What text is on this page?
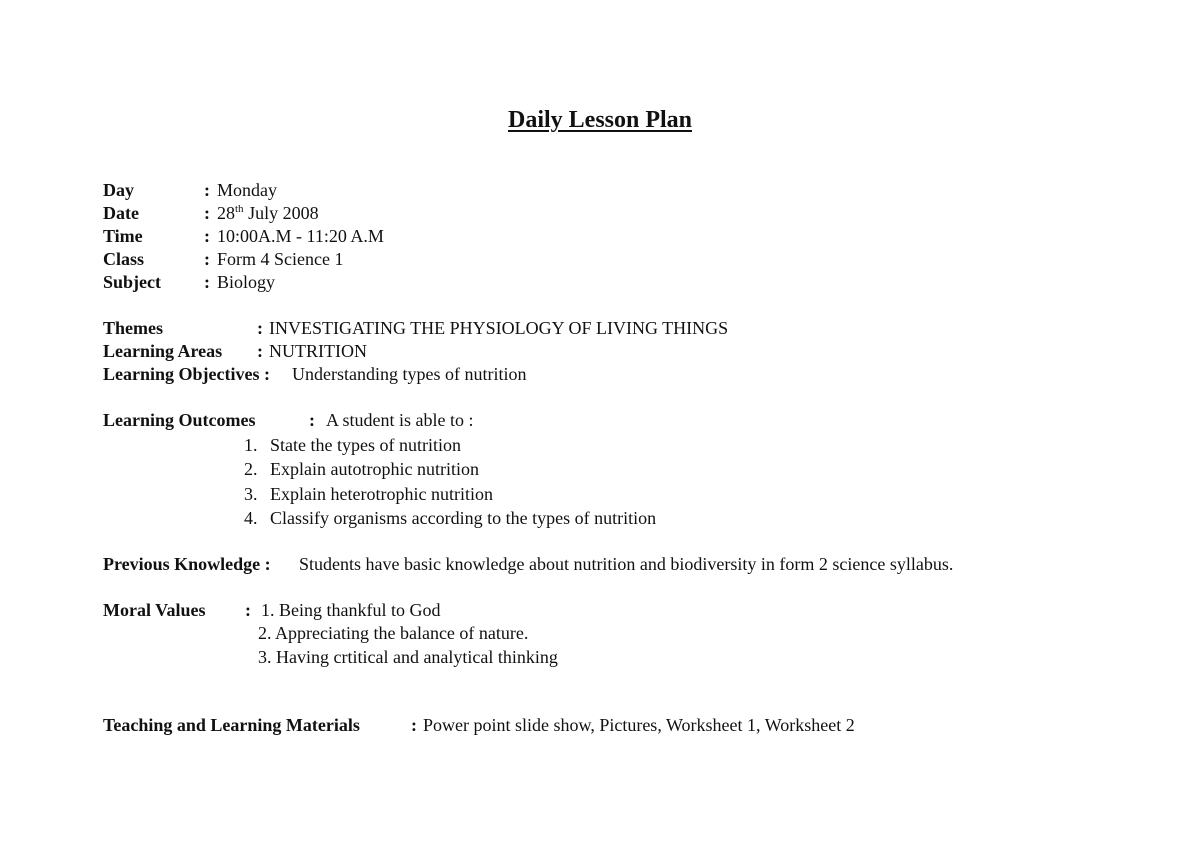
Daily Lesson Plan
Day	: Monday
Date	: 28th July 2008
Time	: 10:00A.M - 11:20 A.M
Class	: Form 4 Science 1
Subject : Biology
Themes	: INVESTIGATING THE PHYSIOLOGY OF LIVING THINGS
Learning Areas : NUTRITION
Learning Objectives : Understanding types of nutrition
Learning Outcomes	: A student is able to :
1. State the types of nutrition
2. Explain autotrophic nutrition
3. Explain heterotrophic nutrition
4. Classify organisms according to the types of nutrition
Previous Knowledge : Students have basic knowledge about nutrition and biodiversity in form 2 science syllabus.
Moral Values : 1. Being thankful to God
2. Appreciating the balance of nature.
3. Having crtitical and analytical thinking
Teaching and Learning Materials	: Power point slide show, Pictures, Worksheet 1, Worksheet 2
